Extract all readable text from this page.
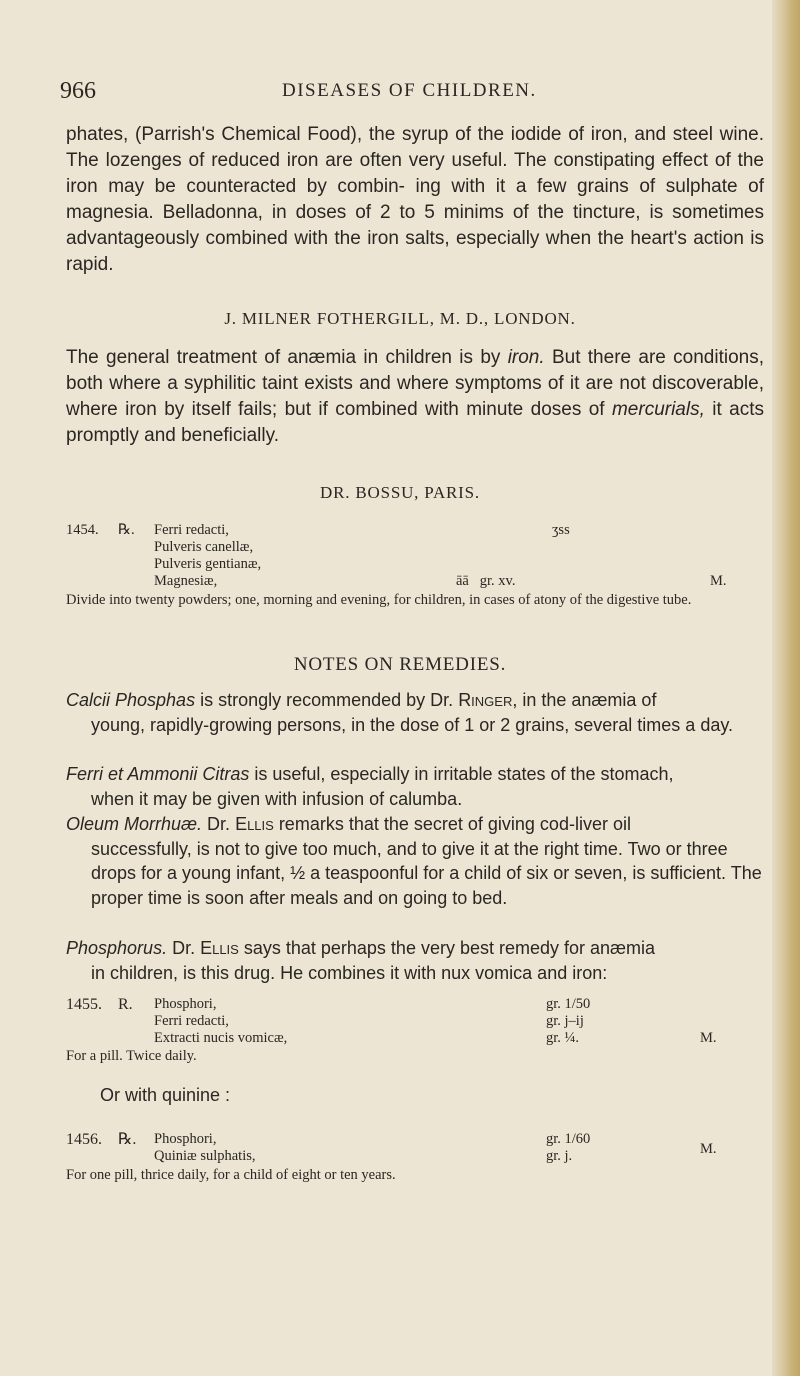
966	DISEASES OF CHILDREN.

phates, (Parrish's Chemical Food), the syrup of the iodide of iron, and steel wine. The lozenges of reduced iron are often very useful. The constipating effect of the iron may be counteracted by combin- ing with it a few grains of sulphate of magnesia. Belladonna, in doses of 2 to 5 minims of the tincture, is sometimes advantageously combined with the iron salts, especially when the heart's action is rapid.

J. MILNER FOTHERGILL, M. D., LONDON.

The general treatment of anæmia in children is by iron. But there are conditions, both where a syphilitic taint exists and where symptoms of it are not discoverable, where iron by itself fails; but if combined with minute doses of mercurials, it acts promptly and beneficially.

DR. BOSSU, PARIS.
1454. ℞. Ferri redacti,	ʒss
Pulveris canellæ,
Pulveris gentianæ,
Magnesiæ,	āā   gr. xv.	M.

Divide into twenty powders; one, morning and evening, for children, in cases of atony of the digestive tube.

NOTES ON REMEDIES.

Calcii Phosphas is strongly recommended by Dr. Ringer, in the anæmia of
young, rapidly-growing persons, in the dose of 1 or 2 grains, several times a day.

Ferri et Ammonii Citras is useful, especially in irritable states of the stomach,
when it may be given with infusion of calumba.

Oleum Morrhuæ. Dr. Ellis remarks that the secret of giving cod-liver oil
successfully, is not to give too much, and to give it at the right time. Two or three drops for a young infant, ½ a teaspoonful for a child of six or seven, is sufficient. The proper time is soon after meals and on going to bed.

Phosphorus. Dr. Ellis says that perhaps the very best remedy for anæmia
in children, is this drug. He combines it with nux vomica and iron:

1455. R. Phosphori,	gr. 1/50
Ferri redacti,	gr. j–ij
Extracti nucis vomicæ,	gr. ¼.	M.
For a pill. Twice daily.
Or with quinine :
1456. ℞. Phosphori,	gr. 1/60
Quiniæ sulphatis,	gr. j.	M.
For one pill, thrice daily, for a child of eight or ten years.
